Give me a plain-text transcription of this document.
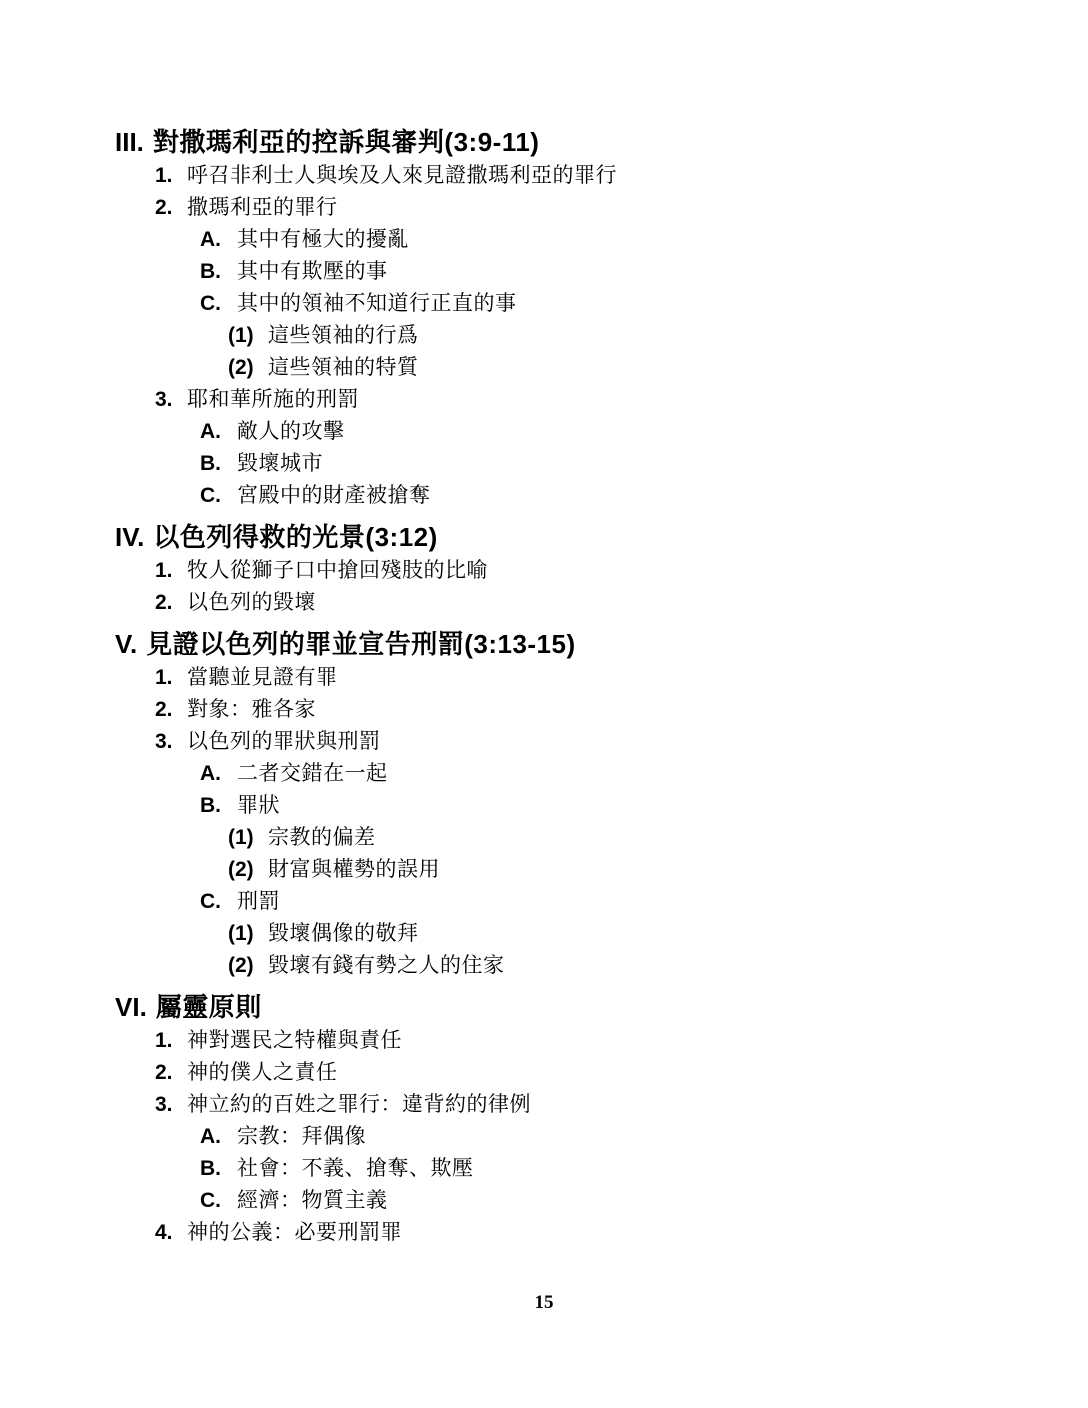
III. 對撒瑪利亞的控訴與審判(3:9-11)
1. 呼召非利士人與埃及人來見證撒瑪利亞的罪行
2. 撒瑪利亞的罪行
A. 其中有極大的擾亂
B. 其中有欺壓的事
C. 其中的領袖不知道行正直的事
(1) 這些領袖的行爲
(2) 這些領袖的特質
3. 耶和華所施的刑罰
A. 敵人的攻擊
B. 毀壞城市
C. 宮殿中的財產被搶奪
IV. 以色列得救的光景(3:12)
1. 牧人從獅子口中搶回殘肢的比喻
2. 以色列的毀壞
V. 見證以色列的罪並宣告刑罰(3:13-15)
1. 當聽並見證有罪
2. 對象：雅各家
3. 以色列的罪狀與刑罰
A. 二者交錯在一起
B. 罪狀
(1) 宗教的偏差
(2) 財富與權勢的誤用
C. 刑罰
(1) 毀壞偶像的敬拜
(2) 毀壞有錢有勢之人的住家
VI. 屬靈原則
1. 神對選民之特權與責任
2. 神的僕人之責任
3. 神立約的百姓之罪行：違背約的律例
A. 宗教：拜偶像
B. 社會：不義、搶奪、欺壓
C. 經濟：物質主義
4. 神的公義：必要刑罰罪
15
